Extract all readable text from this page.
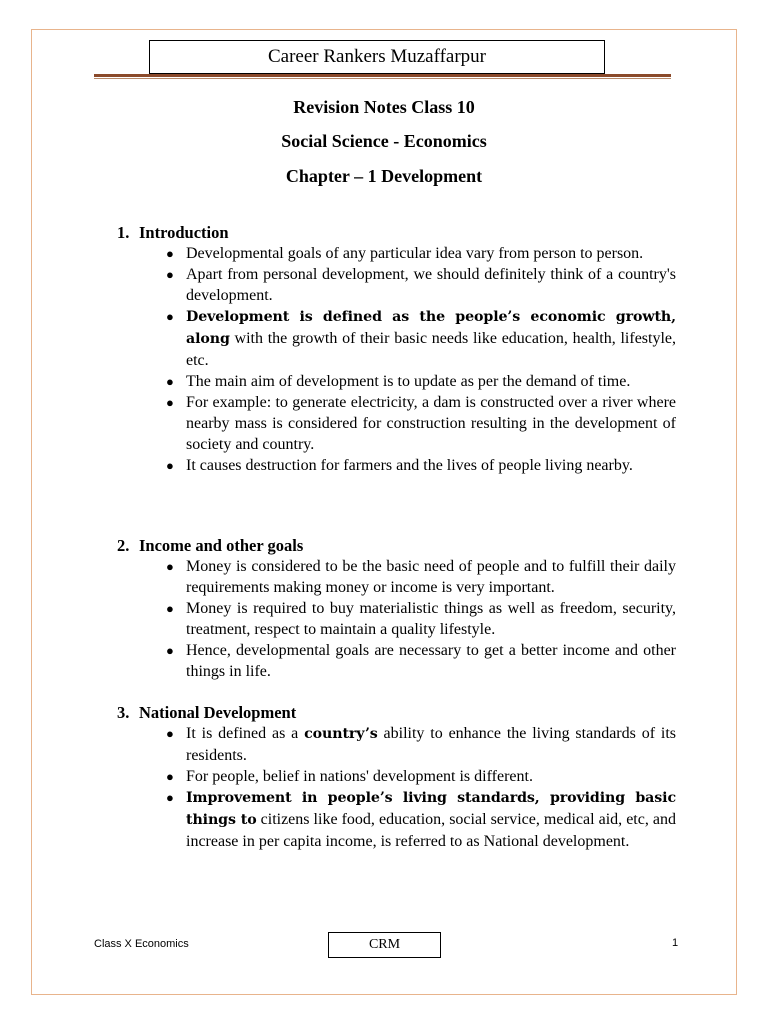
Career Rankers Muzaffarpur
Revision Notes Class 10
Social Science - Economics
Chapter – 1 Development
1. Introduction
● Developmental goals of any particular idea vary from person to person.
● Apart from personal development, we should definitely think of a country's development.
● Development is defined as the people’s economic growth, along with the growth of their basic needs like education, health, lifestyle, etc.
● The main aim of development is to update as per the demand of time.
● For example: to generate electricity, a dam is constructed over a river where nearby mass is considered for construction resulting in the development of society and country.
● It causes destruction for farmers and the lives of people living nearby.
2. Income and other goals
● Money is considered to be the basic need of people and to fulfill their daily requirements making money or income is very important.
● Money is required to buy materialistic things as well as freedom, security, treatment, respect to maintain a quality lifestyle.
● Hence, developmental goals are necessary to get a better income and other things in life.
3. National Development
● It is defined as a country’s ability to enhance the living standards of its residents.
● For people, belief in nations' development is different.
● Improvement in people’s living standards, providing basic things to citizens like food, education, social service, medical aid, etc, and increase in per capita income, is referred to as National development.
Class X Economics	CRM	1
